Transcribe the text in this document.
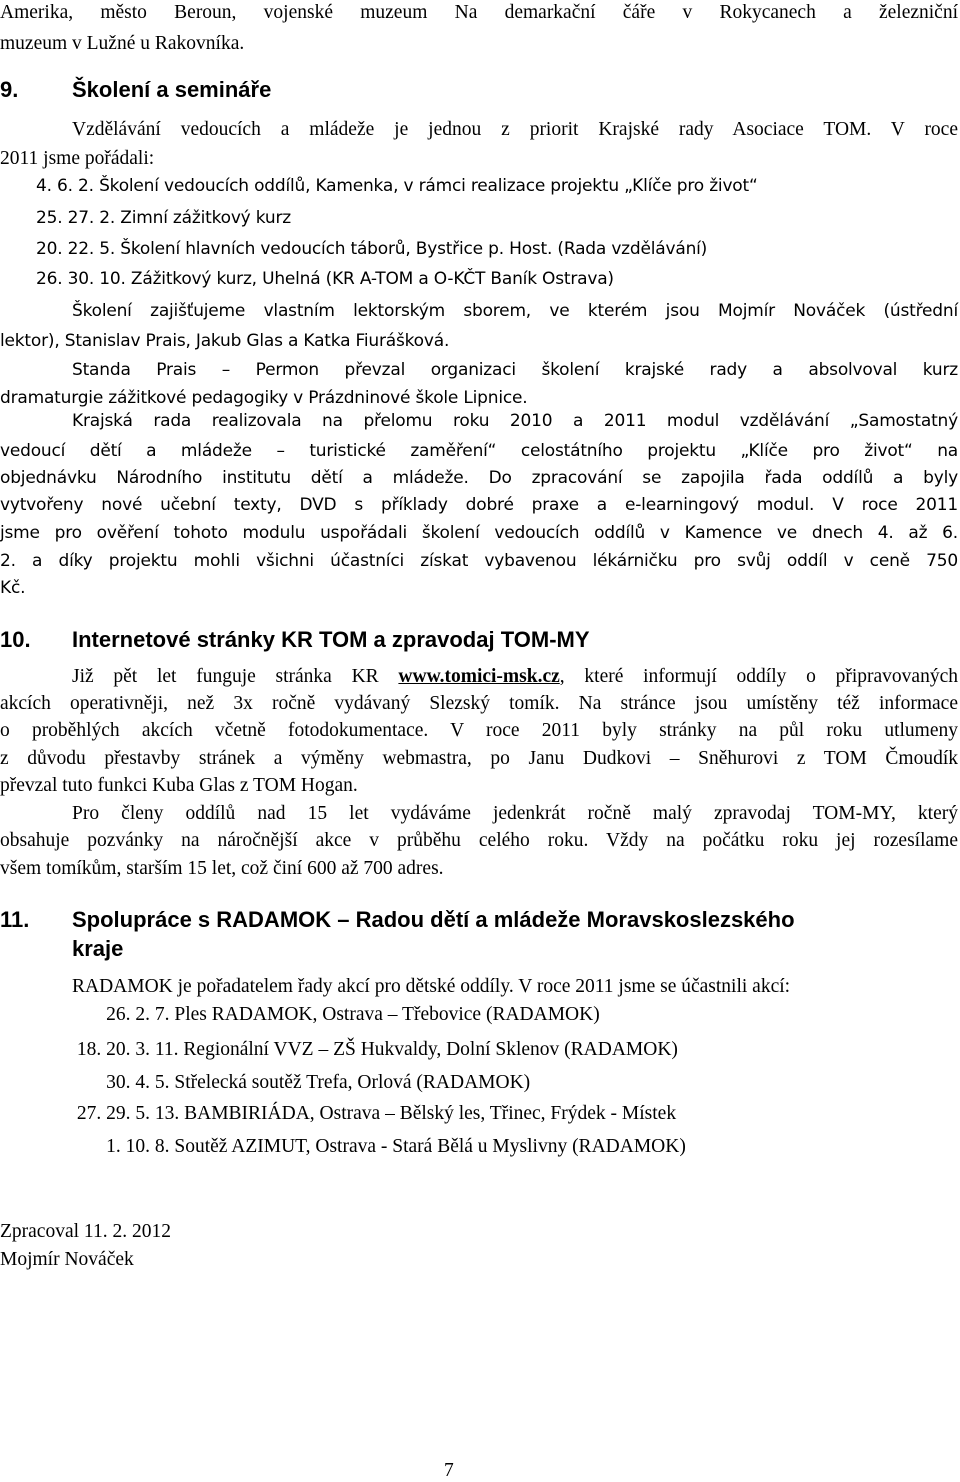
Amerika, město Beroun, vojenské muzeum Na demarkační čáře v Rokycanech a železniční
muzeum v Lužné u Rakovníka.
9. Školení a semináře
Vzdělávání vedoucích a mládeže je jednou z priorit Krajské rady Asociace TOM. V roce
2011 jsme pořádali:
4. 6. 2. Školení vedoucích oddílů, Kamenka, v rámci realizace projektu „Klíče pro život“
25. 27. 2. Zimní zážitkový kurz
20. 22. 5. Školení hlavních vedoucích táborů, Bystřice p. Host. (Rada vzdělávání)
26. 30. 10. Zážitkový kurz, Uhelná (KR A-TOM a O-KČT Baník Ostrava)
Školení zajišťujeme vlastním lektorským sborem, ve kterém jsou Mojmír Nováček (ústřední
lektor), Stanislav Prais, Jakub Glas a Katka Fiurášková.
Standa Prais – Permon převzal organizaci školení krajské rady a absolvoval kurz
dramaturgie zážitkové pedagogiky v Prázdninové škole Lipnice.
Krajská rada realizovala na přelomu roku 2010 a 2011 modul vzdělávání „Samostatný
vedoucí dětí a mládeže – turistické zaměření“ celostátního projektu „Klíče pro život“ na
objednávku Národního institutu dětí a mládeže. Do zpracování se zapojila řada oddílů a byly
vytvořeny nové učební texty, DVD s příklady dobré praxe a e-learningový modul. V roce 2011
jsme pro ověření tohoto modulu uspořádali školení vedoucích oddílů v Kamence ve dnech 4. až 6.
2. a díky projektu mohli všichni účastníci získat vybavenou lékárničku pro svůj oddíl v ceně 750
Kč.
10. Internetové stránky KR TOM a zpravodaj TOM-MY
Již pět let funguje stránka KR www.tomici-msk.cz, které informují oddíly o připravovaných
akcích operativněji, než 3x ročně vydávaný Slezský tomík. Na stránce jsou umístěny též informace
o proběhlých akcích včetně fotodokumentace. V roce 2011 byly stránky na půl roku utlumeny
z důvodu přestavby stránek a výměny webmastra, po Janu Dudkovi – Sněhurovi z TOM Čmoudík
převzal tuto funkci Kuba Glas z TOM Hogan.
Pro členy oddílů nad 15 let vydáváme jedenkrát ročně malý zpravodaj TOM-MY, který
obsahuje pozvánky na náročnější akce v průběhu celého roku. Vždy na počátku roku jej rozesílame
všem tomíkům, starším 15 let, což činí 600 až 700 adres.
11. Spolupráce s RADAMOK – Radou dětí a mládeže Moravskoslezského
kraje
RADAMOK je pořadatelem řady akcí pro dětské oddíly. V roce 2011 jsme se účastnili akcí:
26. 2. 7. Ples RADAMOK, Ostrava – Třebovice (RADAMOK)
18. 20. 3. 11. Regionální VVZ – ZŠ Hukvaldy, Dolní Sklenov (RADAMOK)
30. 4. 5. Střelecká soutěž Trefa, Orlová (RADAMOK)
27. 29. 5. 13. BAMBIRIÁDA, Ostrava – Bělský les, Třinec, Frýdek - Místek
1. 10. 8. Soutěž AZIMUT, Ostrava - Stará Bělá u Myslivny (RADAMOK)
Zpracoval 11. 2. 2012
Mojmír Nováček
7
